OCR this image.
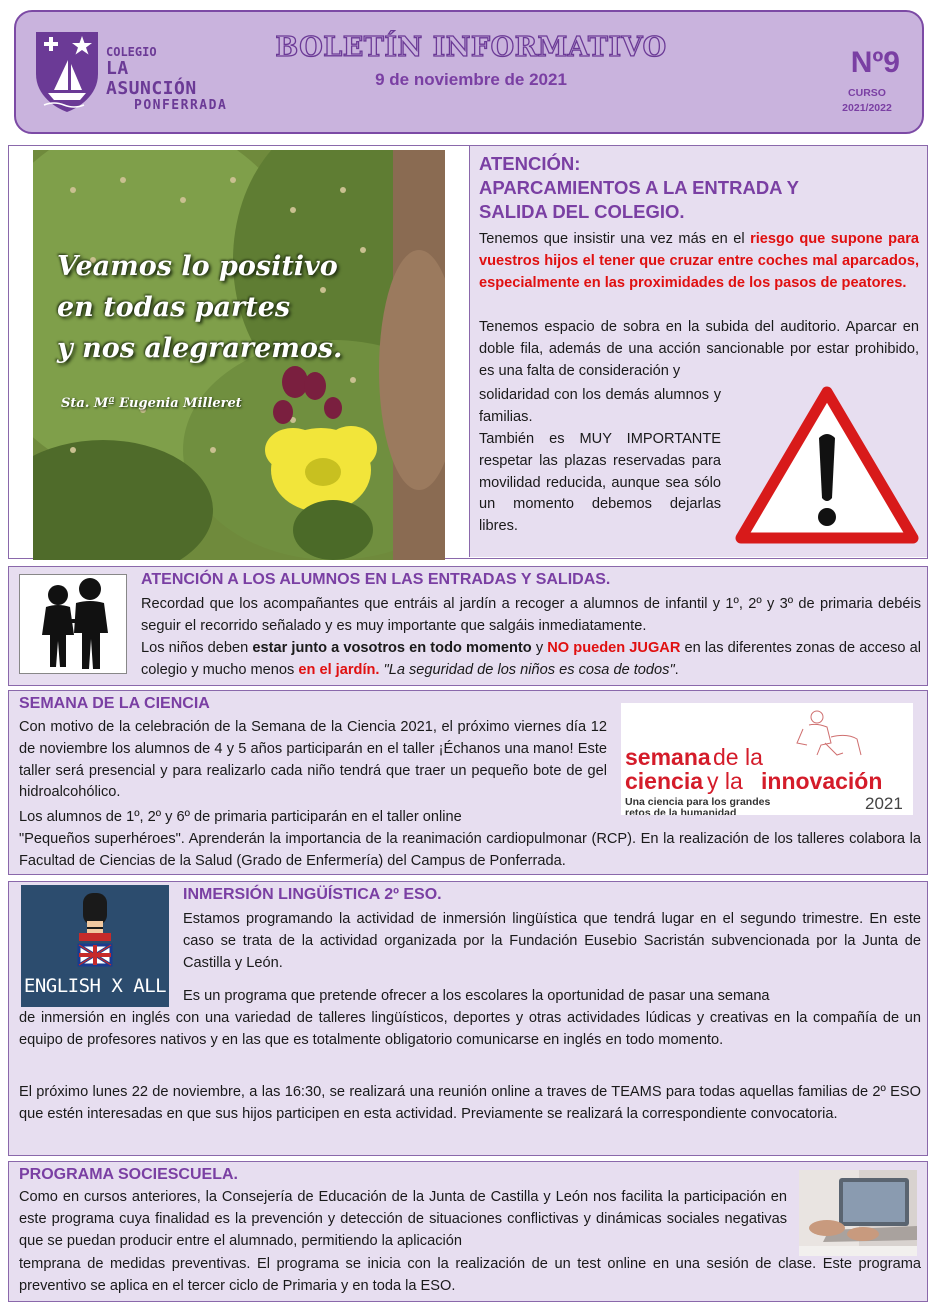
COLEGIO
LA ASUNCIÓN
PONFERRADA
BOLETÍN INFORMATIVO
9 de noviembre de 2021
Nº9
CURSO
2021/2022
Veamos lo positivo
en todas partes
y nos alegraremos.
Sta. Mª Eugenia Milleret
ATENCIÓN:
APARCAMIENTOS A LA ENTRADA Y
SALIDA DEL COLEGIO.

Tenemos que insistir una vez más en el riesgo que supone para vuestros hijos el tener que cruzar entre coches mal aparcados, especialmente en las proximidades de los pasos de peatores.

Tenemos espacio de sobra en la subida del auditorio. Aparcar en doble fila, además de una acción sancionable por estar prohibido, es una falta de consideración y

solidaridad con los demás alumnos y familias.

También es MUY IMPORTANTE respetar las plazas reservadas para movilidad reducida, aunque sea sólo un momento debemos dejarlas libres.

ATENCIÓN A LOS ALUMNOS EN LAS ENTRADAS Y SALIDAS.

Recordad que los acompañantes que entráis al jardín a recoger a alumnos de infantil y 1º, 2º y 3º de primaria debéis seguir el recorrido señalado y es muy importante que salgáis inmediatamente.

Los niños deben estar junto a vosotros en todo momento y NO pueden JUGAR en las diferentes zonas de acceso al colegio y mucho menos en el jardín. "La seguridad de los niños es cosa de todos".

SEMANA DE LA CIENCIA

Con motivo de la celebración de la Semana de la Ciencia 2021, el próximo viernes día 12 de noviembre los alumnos de 4 y 5 años participarán en el taller ¡Échanos una mano! Este taller será presencial y para realizarlo cada niño tendrá que traer un pequeño bote de gel hidroalcohólico.

Los alumnos de 1º, 2º y 6º de primaria participarán en el taller online

"Pequeños superhéroes". Aprenderán la importancia de la reanimación cardiopulmonar (RCP). En la realización de los talleres colabora la Facultad de Ciencias de la Salud (Grado de Enfermería) del Campus de Ponferrada.

semana de la
ciencia y la innovación
Una ciencia para los grandes
retos de la humanidad	2021
ENGLISH X ALL
INMERSIÓN LINGÜÍSTICA 2º ESO.

Estamos programando la actividad de inmersión lingüística que tendrá lugar en el segundo trimestre. En este caso se trata de la actividad organizada por la Fundación Eusebio Sacristán subvencionada por la Junta de Castilla y León.

Es un programa que pretende ofrecer a los escolares la oportunidad de pasar una semana

de inmersión en inglés con una variedad de talleres lingüísticos, deportes y otras actividades lúdicas y creativas en la compañía de un equipo de profesores nativos y en las que es totalmente obligatorio comunicarse en inglés en todo momento.

El próximo lunes 22 de noviembre, a las 16:30, se realizará una reunión online a traves de TEAMS para todas aquellas familias de 2º ESO que estén interesadas en que sus hijos participen en esta actividad. Previamente se realizará la correspondiente convocatoria.

PROGRAMA SOCIESCUELA.

Como en cursos anteriores, la Consejería de Educación de la Junta de Castilla y León nos facilita la participación en este programa cuya finalidad es la prevención y detección de situaciones conflictivas y dinámicas sociales negativas que se puedan producir entre el alumnado, permitiendo la aplicación

temprana de medidas preventivas. El programa se inicia con la realización de un test online en una sesión de clase. Este programa preventivo se aplica en el tercer ciclo de Primaria y en toda la ESO.
